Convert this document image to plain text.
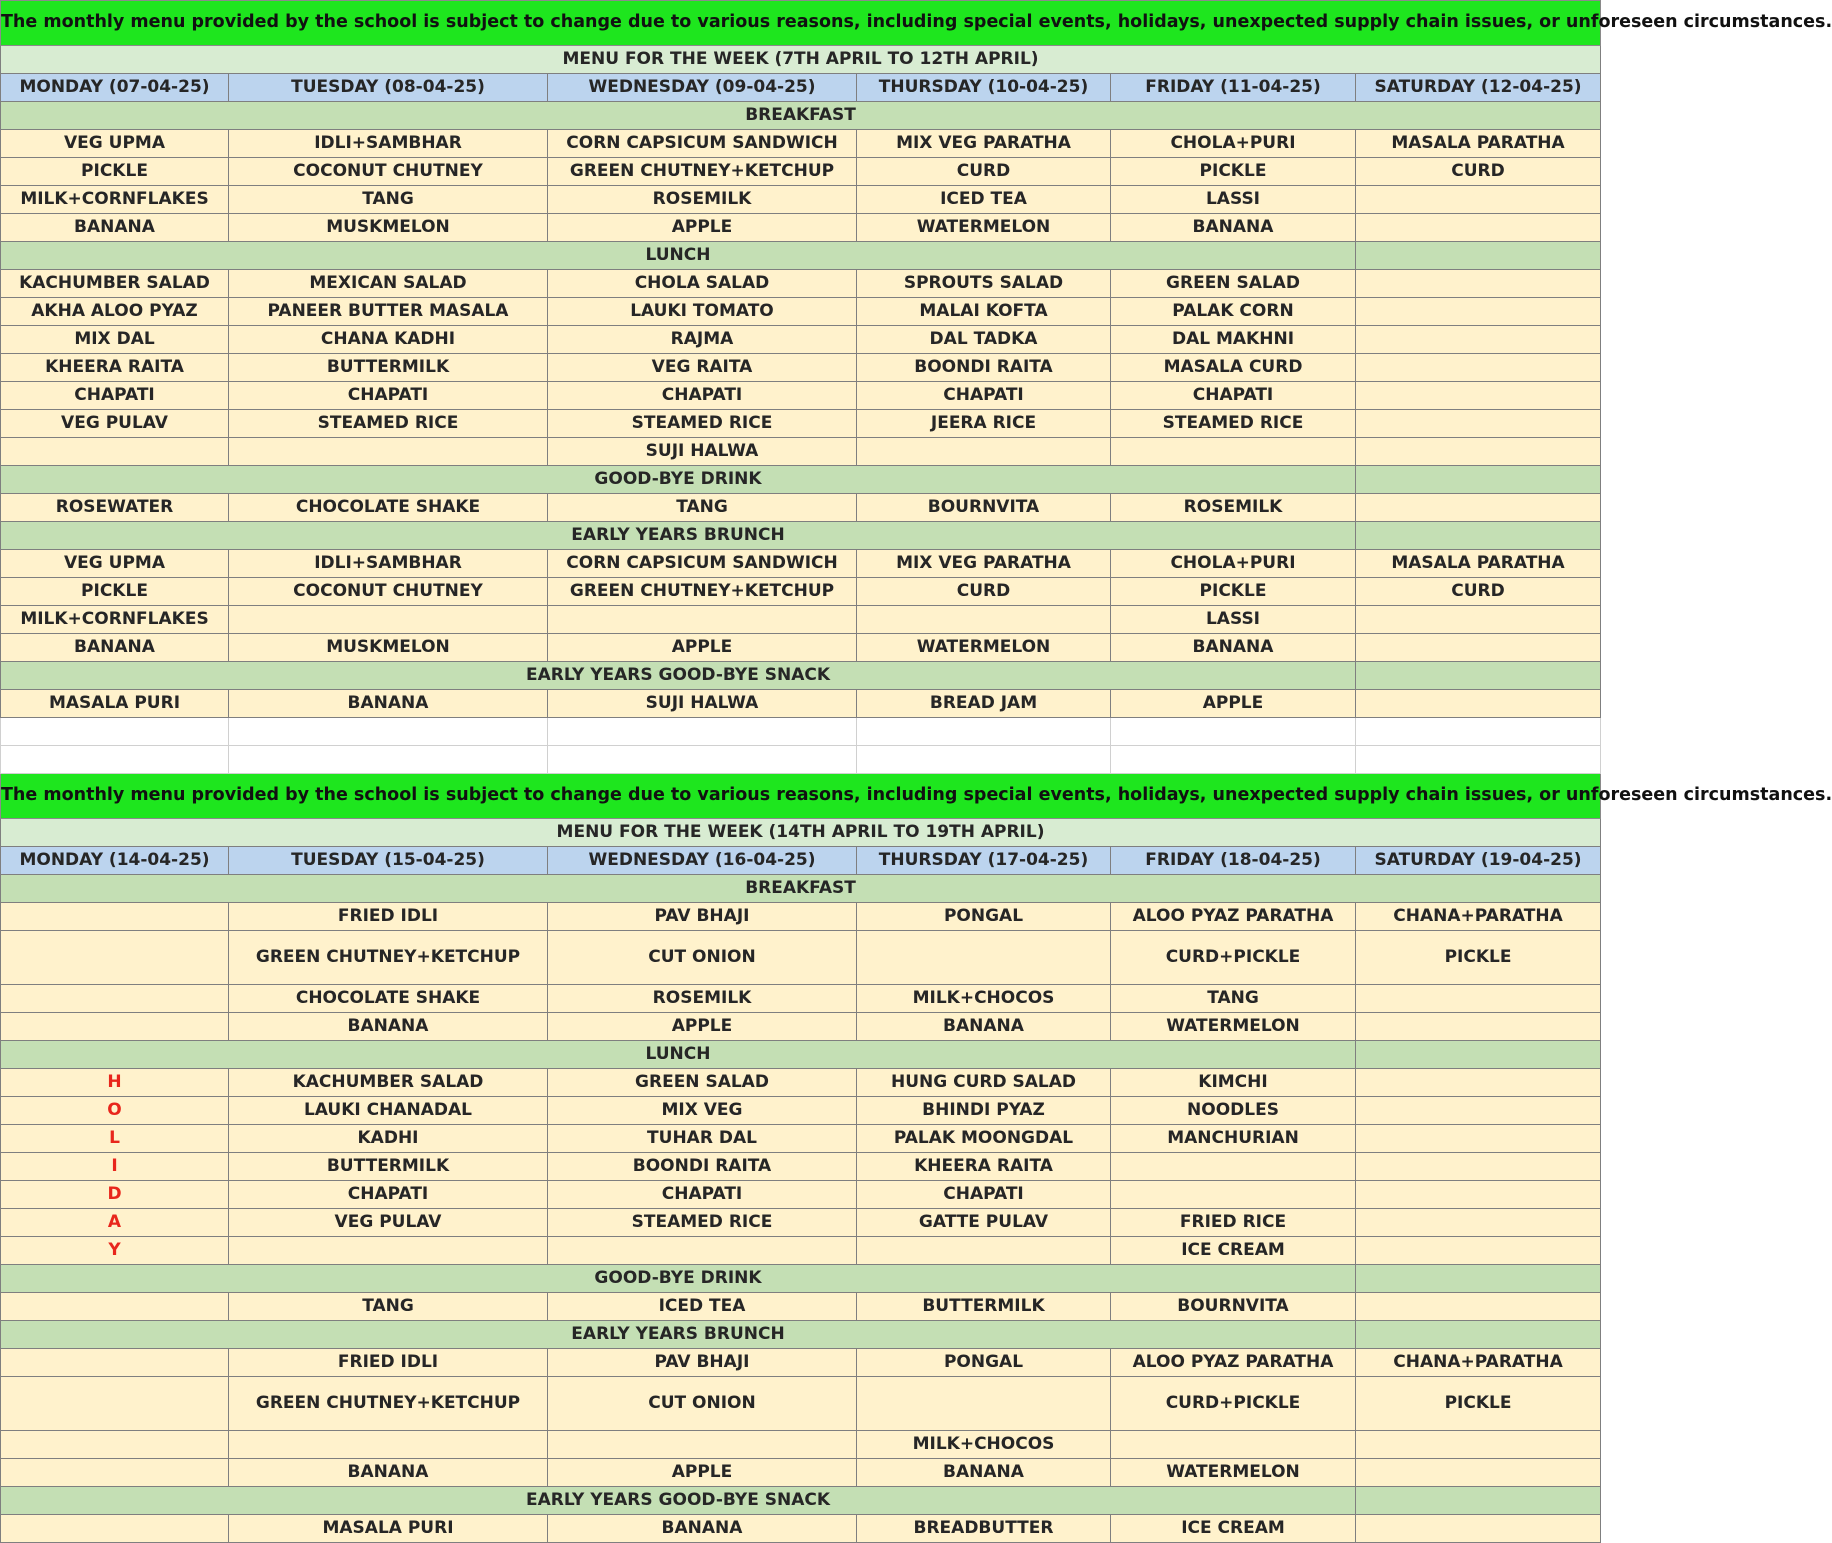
The monthly menu provided by the school is subject to change due to various reasons, including special events, holidays, unexpected supply chain issues, or unforeseen circumstances.					
MENU FOR THE WEEK (7TH APRIL TO 12TH APRIL)					
MONDAY (07-04-25)	TUESDAY (08-04-25)	WEDNESDAY (09-04-25)	THURSDAY (10-04-25)	FRIDAY (11-04-25)	SATURDAY (12-04-25)
BREAKFAST					
VEG UPMA	IDLI+SAMBHAR	CORN CAPSICUM SANDWICH	MIX VEG PARATHA	CHOLA+PURI	MASALA PARATHA
PICKLE	COCONUT CHUTNEY	GREEN CHUTNEY+KETCHUP	CURD	PICKLE	CURD
MILK+CORNFLAKES	TANG	ROSEMILK	ICED TEA	LASSI	
BANANA	MUSKMELON	APPLE	WATERMELON	BANANA	
LUNCH					
KACHUMBER SALAD	MEXICAN SALAD	CHOLA SALAD	SPROUTS SALAD	GREEN SALAD	
AKHA ALOO PYAZ	PANEER BUTTER MASALA	LAUKI TOMATO	MALAI KOFTA	PALAK CORN	
MIX DAL	CHANA KADHI	RAJMA	DAL TADKA	DAL MAKHNI	
KHEERA RAITA	BUTTERMILK	VEG RAITA	BOONDI RAITA	MASALA CURD	
CHAPATI	CHAPATI	CHAPATI	CHAPATI	CHAPATI	
VEG PULAV	STEAMED RICE	STEAMED RICE	JEERA RICE	STEAMED RICE	
		SUJI HALWA			
GOOD-BYE DRINK					
ROSEWATER	CHOCOLATE SHAKE	TANG	BOURNVITA	ROSEMILK	
EARLY YEARS BRUNCH					
VEG UPMA	IDLI+SAMBHAR	CORN CAPSICUM SANDWICH	MIX VEG PARATHA	CHOLA+PURI	MASALA PARATHA
PICKLE	COCONUT CHUTNEY	GREEN CHUTNEY+KETCHUP	CURD	PICKLE	CURD
MILK+CORNFLAKES				LASSI	
BANANA	MUSKMELON	APPLE	WATERMELON	BANANA	
EARLY YEARS GOOD-BYE SNACK					
MASALA PURI	BANANA	SUJI HALWA	BREAD JAM	APPLE	

The monthly menu provided by the school is subject to change due to various reasons, including special events, holidays, unexpected supply chain issues, or unforeseen circumstances.					
MENU FOR THE WEEK (14TH APRIL TO 19TH APRIL)					
MONDAY (14-04-25)	TUESDAY (15-04-25)	WEDNESDAY (16-04-25)	THURSDAY (17-04-25)	FRIDAY (18-04-25)	SATURDAY (19-04-25)
BREAKFAST					
	FRIED IDLI	PAV BHAJI	PONGAL	ALOO PYAZ PARATHA	CHANA+PARATHA
	GREEN CHUTNEY+KETCHUP	CUT ONION		CURD+PICKLE	PICKLE
	CHOCOLATE SHAKE	ROSEMILK	MILK+CHOCOS	TANG	
	BANANA	APPLE	BANANA	WATERMELON	
LUNCH					
H	KACHUMBER SALAD	GREEN SALAD	HUNG CURD SALAD	KIMCHI	
O	LAUKI CHANADAL	MIX VEG	BHINDI PYAZ	NOODLES	
L	KADHI	TUHAR DAL	PALAK MOONGDAL	MANCHURIAN	
I	BUTTERMILK	BOONDI RAITA	KHEERA RAITA		
D	CHAPATI	CHAPATI	CHAPATI		
A	VEG PULAV	STEAMED RICE	GATTE PULAV	FRIED RICE	
Y				ICE CREAM	
GOOD-BYE DRINK					
	TANG	ICED TEA	BUTTERMILK	BOURNVITA	
EARLY YEARS BRUNCH					
	FRIED IDLI	PAV BHAJI	PONGAL	ALOO PYAZ PARATHA	CHANA+PARATHA
	GREEN CHUTNEY+KETCHUP	CUT ONION		CURD+PICKLE	PICKLE
			MILK+CHOCOS		
	BANANA	APPLE	BANANA	WATERMELON	
EARLY YEARS GOOD-BYE SNACK					
	MASALA PURI	BANANA	BREADBUTTER	ICE CREAM	
